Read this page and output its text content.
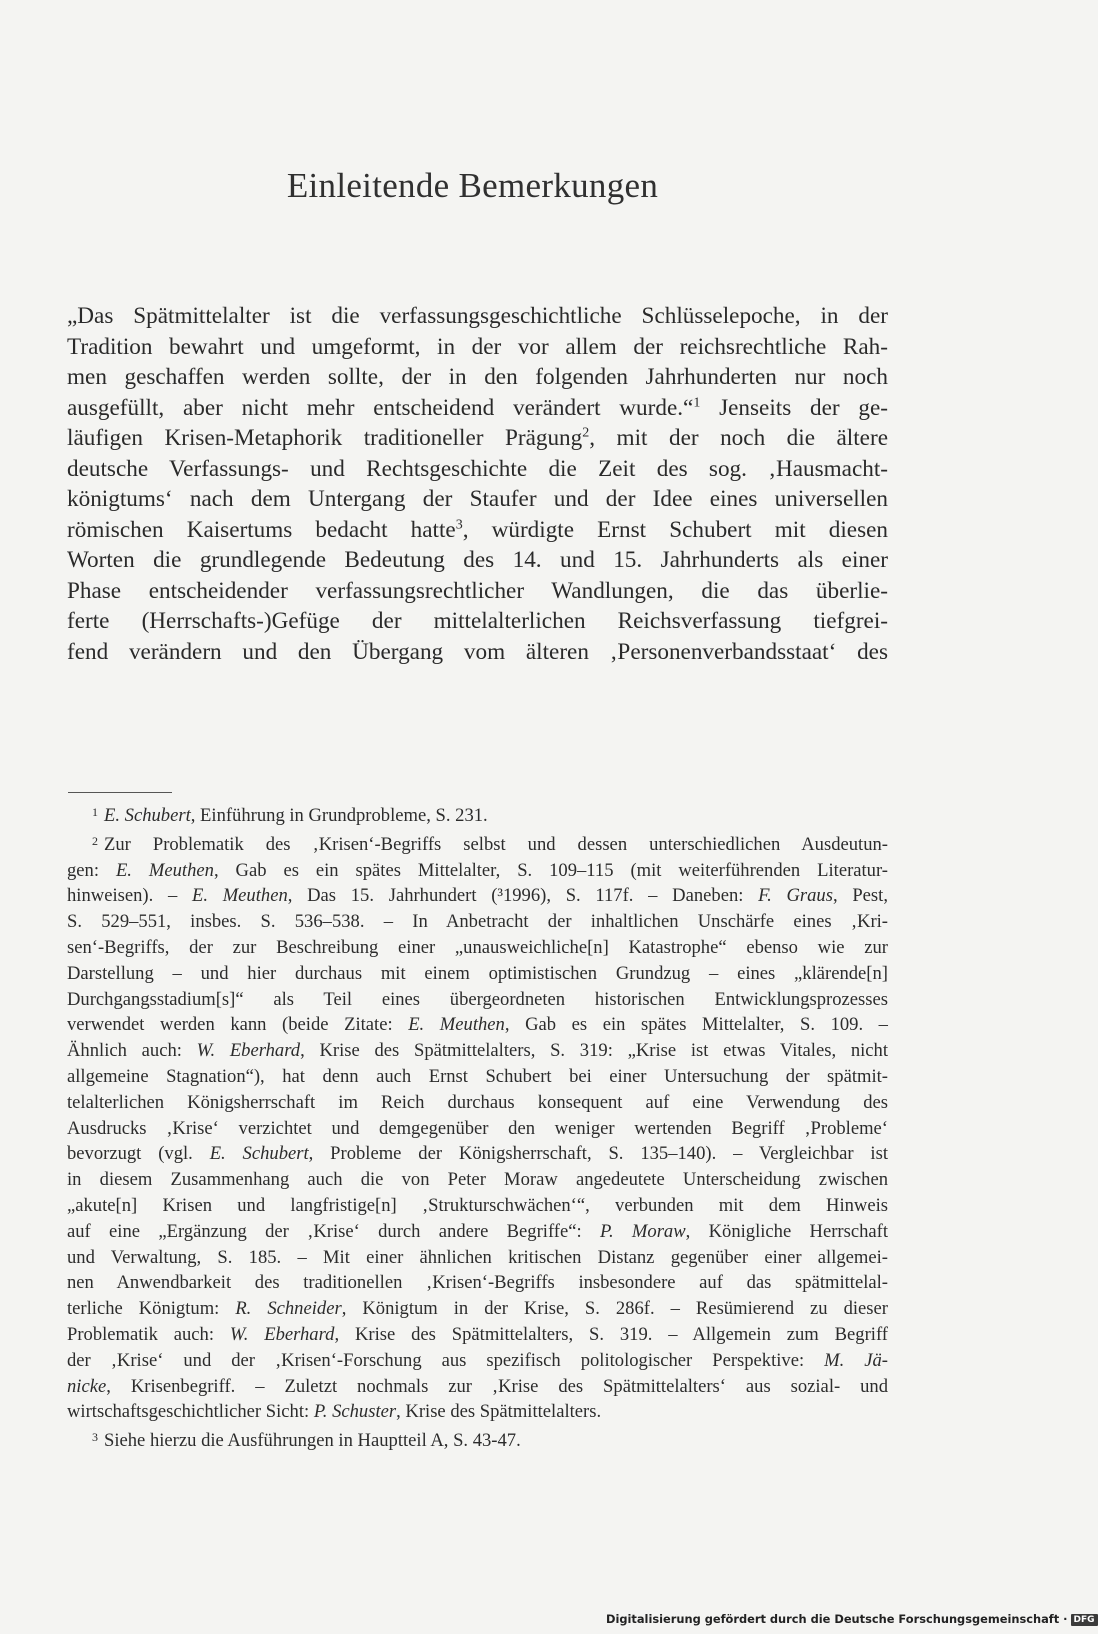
Einleitende Bemerkungen
„Das Spätmittelalter ist die verfassungsgeschichtliche Schlüsselepoche, in der
Tradition bewahrt und umgeformt, in der vor allem der reichsrechtliche Rah-
men geschaffen werden sollte, der in den folgenden Jahrhunderten nur noch
ausgefüllt, aber nicht mehr entscheidend verändert wurde.“$^1$ Jenseits der ge-
läufigen Krisen-Metaphorik traditioneller Prägung$^2$, mit der noch die ältere
deutsche Verfassungs- und Rechtsgeschichte die Zeit des sog. ‚Hausmacht-
königtums‘ nach dem Untergang der Staufer und der Idee eines universellen
römischen Kaisertums bedacht hatte$^3$, würdigte Ernst Schubert mit diesen
Worten die grundlegende Bedeutung des 14. und 15. Jahrhunderts als einer
Phase entscheidender verfassungsrechtlicher Wandlungen, die das überlie-
ferte (Herrschafts-)Gefüge der mittelalterlichen Reichsverfassung tiefgrei-
fend verändern und den Übergang vom älteren ‚Personenverbandsstaat‘ des
$^1$ E. Schubert, Einführung in Grundprobleme, S. 231.
$^2$ Zur Problematik des ‚Krisen‘-Begriffs selbst und dessen unterschiedlichen Ausdeutun-
gen: E. Meuthen, Gab es ein spätes Mittelalter, S. 109–115 (mit weiterführenden Literatur-
hinweisen). – E. Meuthen, Das 15. Jahrhundert (³1996), S. 117f. – Daneben: F. Graus, Pest,
S. 529–551, insbes. S. 536–538. – In Anbetracht der inhaltlichen Unschärfe eines ‚Kri-
sen‘-Begriffs, der zur Beschreibung einer „unausweichliche[n] Katastrophe“ ebenso wie zur
Darstellung – und hier durchaus mit einem optimistischen Grundzug – eines „klärende[n]
Durchgangsstadium[s]“ als Teil eines übergeordneten historischen Entwicklungsprozesses
verwendet werden kann (beide Zitate: E. Meuthen, Gab es ein spätes Mittelalter, S. 109. –
Ähnlich auch: W. Eberhard, Krise des Spätmittelalters, S. 319: „Krise ist etwas Vitales, nicht
allgemeine Stagnation“), hat denn auch Ernst Schubert bei einer Untersuchung der spätmit-
telalterlichen Königsherrschaft im Reich durchaus konsequent auf eine Verwendung des
Ausdrucks ‚Krise‘ verzichtet und demgegenüber den weniger wertenden Begriff ‚Probleme‘
bevorzugt (vgl. E. Schubert, Probleme der Königsherrschaft, S. 135–140). – Vergleichbar ist
in diesem Zusammenhang auch die von Peter Moraw angedeutete Unterscheidung zwischen
„akute[n] Krisen und langfristige[n] ‚Strukturschwächen‘“, verbunden mit dem Hinweis
auf eine „Ergänzung der ‚Krise‘ durch andere Begriffe“: P. Moraw, Königliche Herrschaft
und Verwaltung, S. 185. – Mit einer ähnlichen kritischen Distanz gegenüber einer allgemei-
nen Anwendbarkeit des traditionellen ‚Krisen‘-Begriffs insbesondere auf das spätmittelal-
terliche Königtum: R. Schneider, Königtum in der Krise, S. 286f. – Resümierend zu dieser
Problematik auch: W. Eberhard, Krise des Spätmittelalters, S. 319. – Allgemein zum Begriff
der ‚Krise‘ und der ‚Krisen‘-Forschung aus spezifisch politologischer Perspektive: M. Jä-
nicke, Krisenbegriff. – Zuletzt nochmals zur ‚Krise des Spätmittelalters‘ aus sozial- und
wirtschaftsgeschichtlicher Sicht: P. Schuster, Krise des Spätmittelalters.
$^3$ Siehe hierzu die Ausführungen in Hauptteil A, S. 43-47.
Digitalisierung gefördert durch die Deutsche Forschungsgemeinschaft · DFG
